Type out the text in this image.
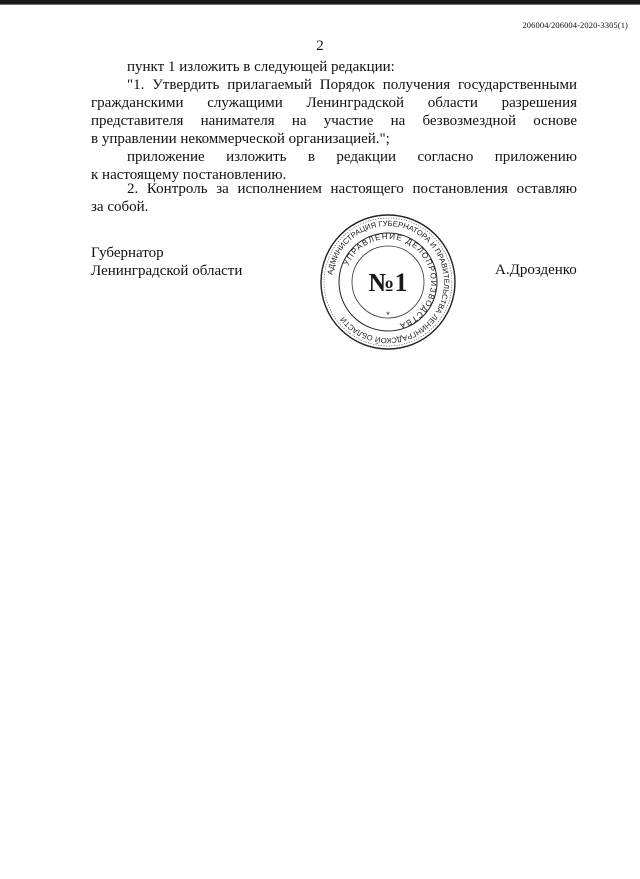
206004/206004-2020-3305(1)
2
пункт 1 изложить в следующей редакции:
"1. Утвердить прилагаемый Порядок получения государственными
гражданскими служащими Ленинградской области разрешения
представителя нанимателя на участие на безвозмездной основе
в управлении некоммерческой организацией.";
приложение изложить в редакции согласно приложению
к настоящему постановлению.
2. Контроль за исполнением настоящего постановления оставляю
за собой.
Губернатор
Ленинградской области	АДМИНИСТРАЦИЯ ГУБЕРНАТОРА И ПРАВИТЕЛЬСТВА ЛЕНИНГРАДСКОЙ ОБЛАСТИ
УПРАВЛЕНИЕ ДЕЛОПРОИЗВОДСТВА
№1
*
А.Дрозденко
